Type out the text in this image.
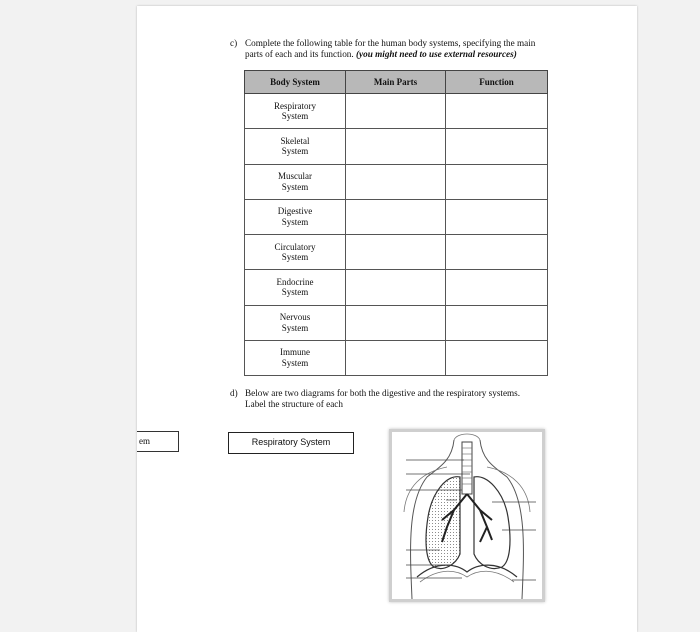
em
c) Complete the following table for the human body systems, specifying the main parts of each and its function. (you might need to use external resources)
Body System	Main Parts	Function
Respiratory
System		
Skeletal
System		
Muscular
System		
Digestive
System		
Circulatory
System		
Endocrine
System		
Nervous
System		
Immune
System		
d) Below are two diagrams for both the digestive and the respiratory systems. Label the structure of each
Respiratory System
